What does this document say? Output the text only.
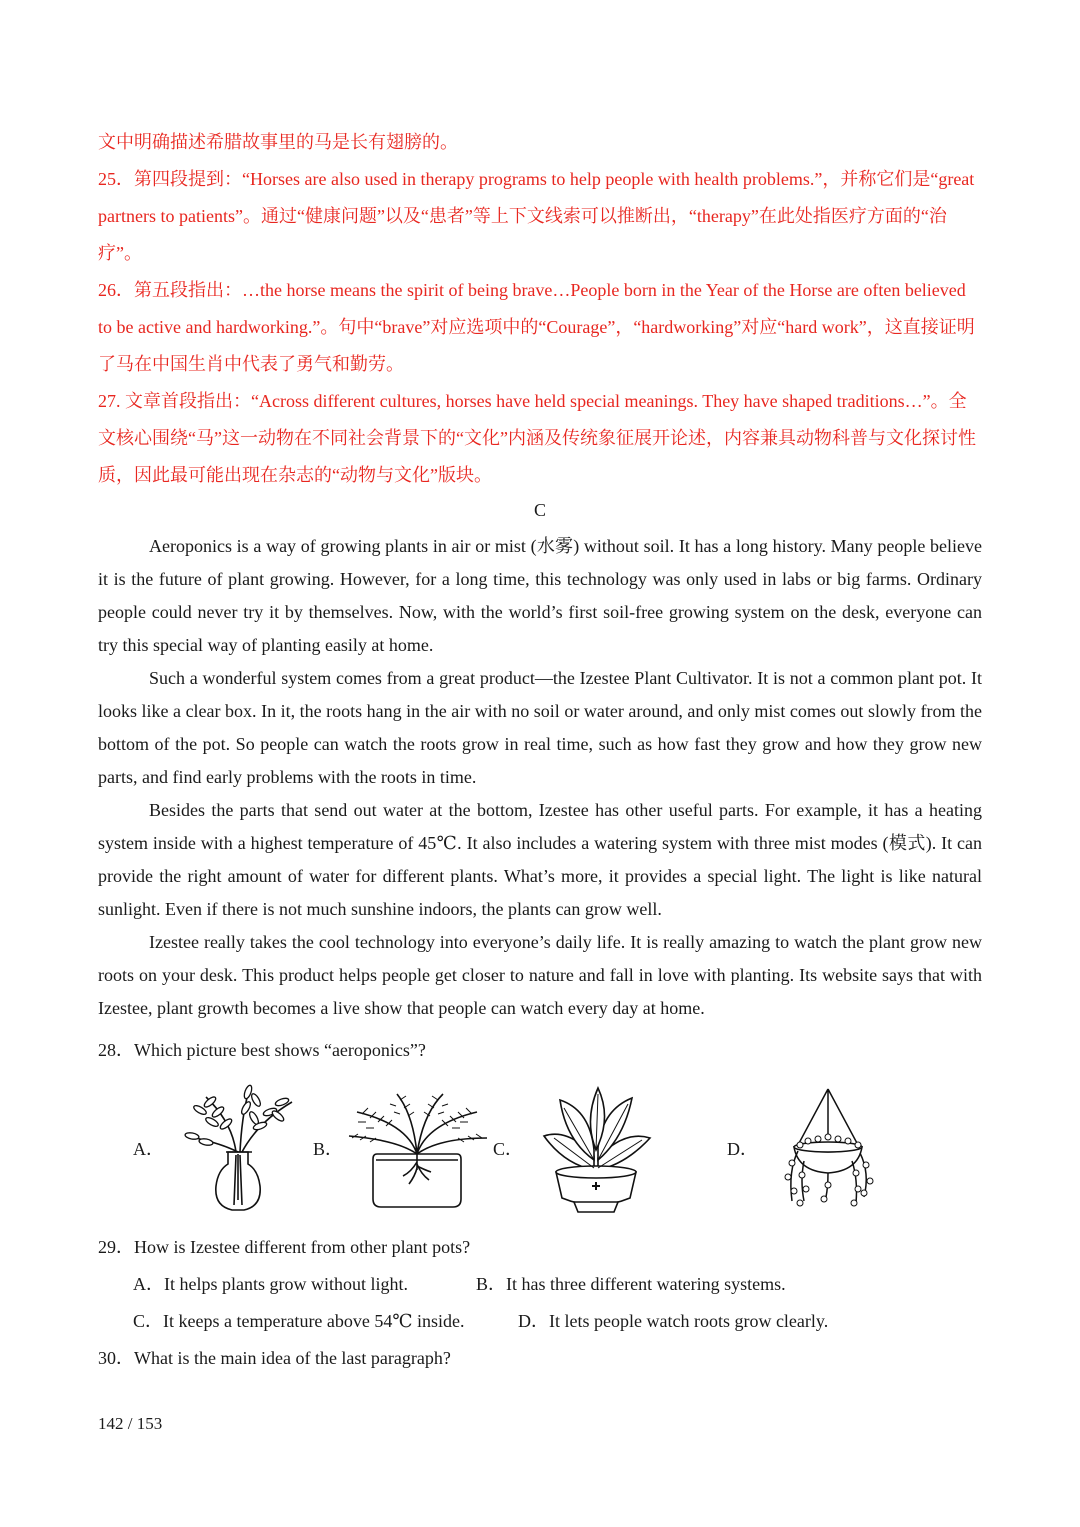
文中明确描述希腊故事里的马是长有翅膀的。

25．第四段提到：“Horses are also used in therapy programs to help people with health problems.”，并称它们是“great partners to patients”。通过“健康问题”以及“患者”等上下文线索可以推断出，“therapy”在此处指医疗方面的“治疗”。

26．第五段指出：…the horse means the spirit of being brave…People born in the Year of the Horse are often believed to be active and hardworking.”。句中“brave”对应选项中的“Courage”，“hardworking”对应“hard work”，这直接证明了马在中国生肖中代表了勇气和勤劳。

27. 文章首段指出：“Across different cultures, horses have held special meanings. They have shaped traditions…”。全文核心围绕“马”这一动物在不同社会背景下的“文化”内涵及传统象征展开论述，内容兼具动物科普与文化探讨性质，因此最可能出现在杂志的“动物与文化”版块。

C

Aeroponics is a way of growing plants in air or mist (水雾) without soil. It has a long history. Many people believe it is the future of plant growing. However, for a long time, this technology was only used in labs or big farms. Ordinary people could never try it by themselves. Now, with the world’s first soil-free growing system on the desk, everyone can try this special way of planting easily at home.

Such a wonderful system comes from a great product—the Izestee Plant Cultivator. It is not a common plant pot. It looks like a clear box. In it, the roots hang in the air with no soil or water around, and only mist comes out slowly from the bottom of the pot. So people can watch the roots grow in real time, such as how fast they grow and how they grow new parts, and find early problems with the roots in time.

Besides the parts that send out water at the bottom, Izestee has other useful parts. For example, it has a heating system inside with a highest temperature of 45℃. It also includes a watering system with three mist modes (模式). It can provide the right amount of water for different plants. What’s more, it provides a special light. The light is like natural sunlight. Even if there is not much sunshine indoors, the plants can grow well.

Izestee really takes the cool technology into everyone’s daily life. It is really amazing to watch the plant grow new roots on your desk. This product helps people get closer to nature and fall in love with planting. Its website says that with Izestee, plant growth becomes a live show that people can watch every day at home.

28．Which picture best shows “aeroponics”?

A．	B．	C．	D．

29．How is Izestee different from other plant pots?

A．It helps plants grow without light.	B．It has three different watering systems.
C．It keeps a temperature above 54℃ inside.	D．It lets people watch roots grow clearly.

30．What is the main idea of the last paragraph?

142 / 153
